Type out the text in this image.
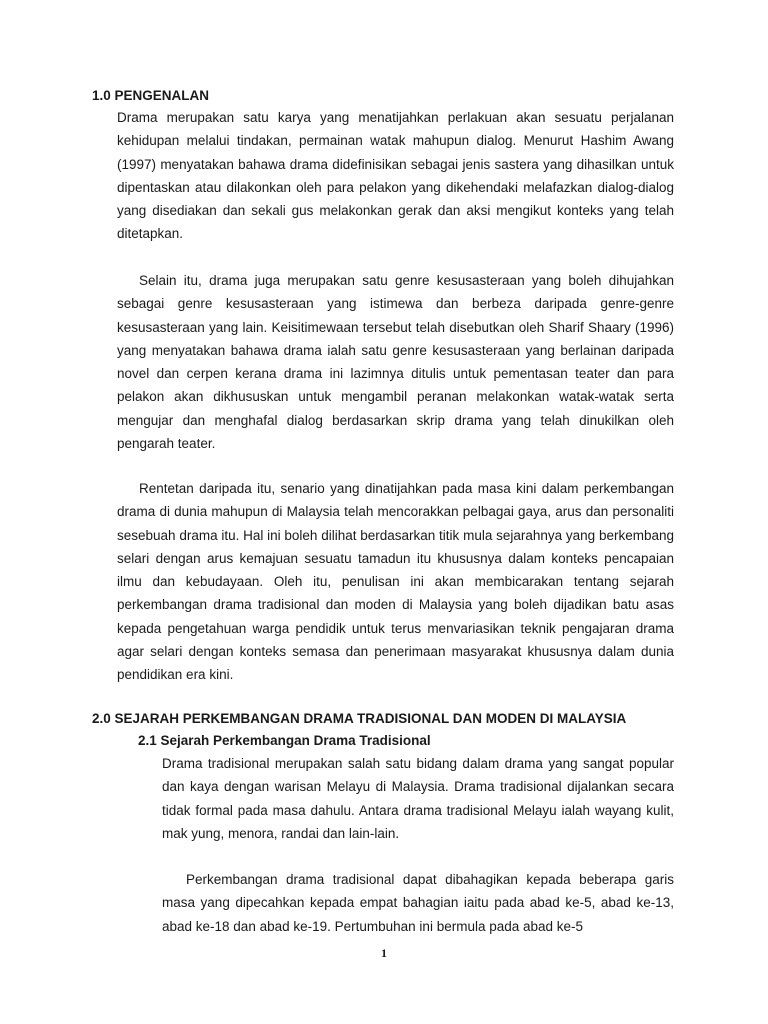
1.0 PENGENALAN
Drama merupakan satu karya yang menatijahkan perlakuan akan sesuatu perjalanan kehidupan melalui tindakan, permainan watak mahupun dialog. Menurut Hashim Awang (1997) menyatakan bahawa drama didefinisikan sebagai jenis sastera yang dihasilkan untuk dipentaskan atau dilakonkan oleh para pelakon yang dikehendaki melafazkan dialog-dialog yang disediakan dan sekali gus melakonkan gerak dan aksi mengikut konteks yang telah ditetapkan.
Selain itu, drama juga merupakan satu genre kesusasteraan yang boleh dihujahkan sebagai genre kesusasteraan yang istimewa dan berbeza daripada genre-genre kesusasteraan yang lain. Keisitimewaan tersebut telah disebutkan oleh Sharif Shaary (1996) yang menyatakan bahawa drama ialah satu genre kesusasteraan yang berlainan daripada novel dan cerpen kerana drama ini lazimnya ditulis untuk pementasan teater dan para pelakon akan dikhususkan untuk mengambil peranan melakonkan watak-watak serta mengujar dan menghafal dialog berdasarkan skrip drama yang telah dinukilkan oleh pengarah teater.
Rentetan daripada itu, senario yang dinatijahkan pada masa kini dalam perkembangan drama di dunia mahupun di Malaysia telah mencorakkan pelbagai gaya, arus dan personaliti sesebuah drama itu. Hal ini boleh dilihat berdasarkan titik mula sejarahnya yang berkembang selari dengan arus kemajuan sesuatu tamadun itu khususnya dalam konteks pencapaian ilmu dan kebudayaan. Oleh itu, penulisan ini akan membicarakan tentang sejarah perkembangan drama tradisional dan moden di Malaysia yang boleh dijadikan batu asas kepada pengetahuan warga pendidik untuk terus menvariasikan teknik pengajaran drama agar selari dengan konteks semasa dan penerimaan masyarakat khususnya dalam dunia pendidikan era kini.
2.0 SEJARAH PERKEMBANGAN DRAMA TRADISIONAL DAN MODEN DI MALAYSIA
2.1 Sejarah Perkembangan Drama Tradisional
Drama tradisional merupakan salah satu bidang dalam drama yang sangat popular dan kaya dengan warisan Melayu di Malaysia. Drama tradisional dijalankan secara tidak formal pada masa dahulu. Antara drama tradisional Melayu ialah wayang kulit, mak yung, menora, randai dan lain-lain.
Perkembangan drama tradisional dapat dibahagikan kepada beberapa garis masa yang dipecahkan kepada empat bahagian iaitu pada abad ke-5, abad ke-13, abad ke-18 dan abad ke-19. Pertumbuhan ini bermula pada abad ke-5
1
